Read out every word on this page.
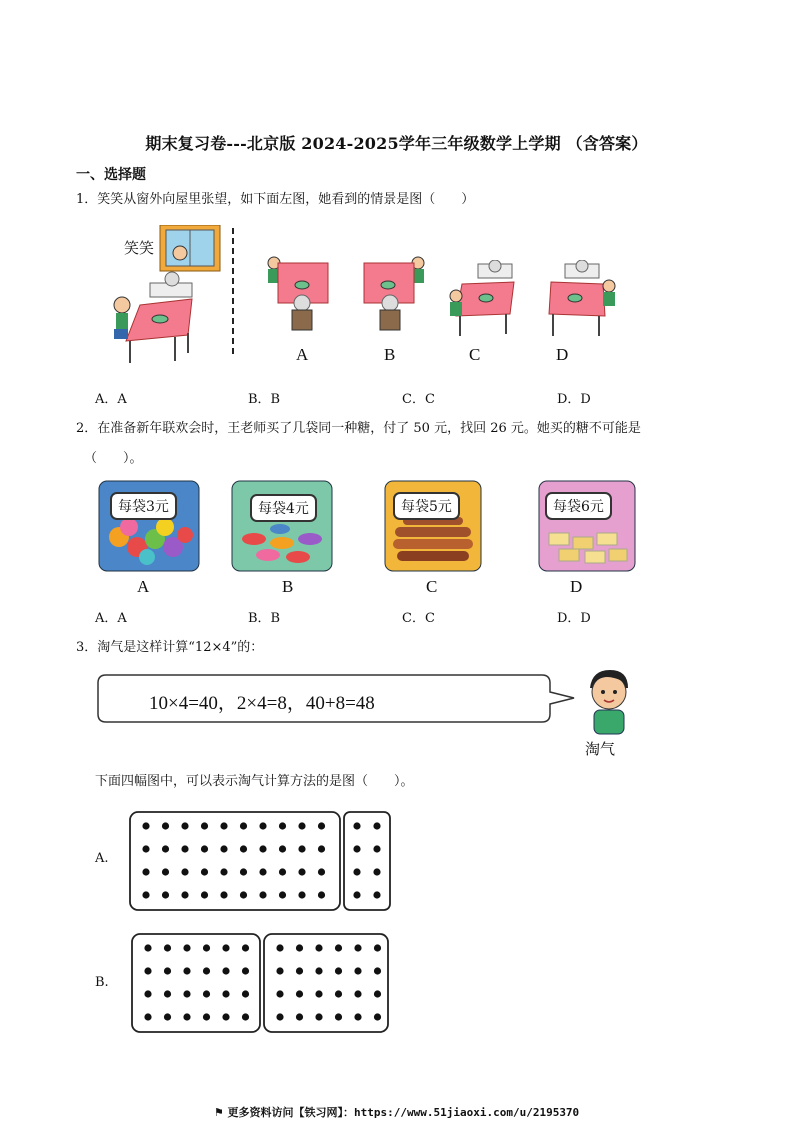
期末复习卷---北京版 2024-2025学年三年级数学上学期 （含答案）
一、选择题
1．笑笑从窗外向屋里张望，如下面左图，她看到的情景是图（　　）
笑笑
A	B	C	D
A．A	B．B	C．C	D．D
2．在准备新年联欢会时，王老师买了几袋同一种糖，付了 50 元，找回 26 元。她买的糖不可能是
（　　）。
每袋3元
A
每袋4元
B
每袋5元
C
每袋6元
D
A．A	B．B	C．C	D．D
3．淘气是这样计算“12×4”的：
10×4=40，2×4=8，40+8=48
淘气
下面四幅图中，可以表示淘气计算方法的是图（　　）。
A.
B.
⚑ 更多资料访问【铁习网】：https://www.51jiaoxi.com/u/2195370
